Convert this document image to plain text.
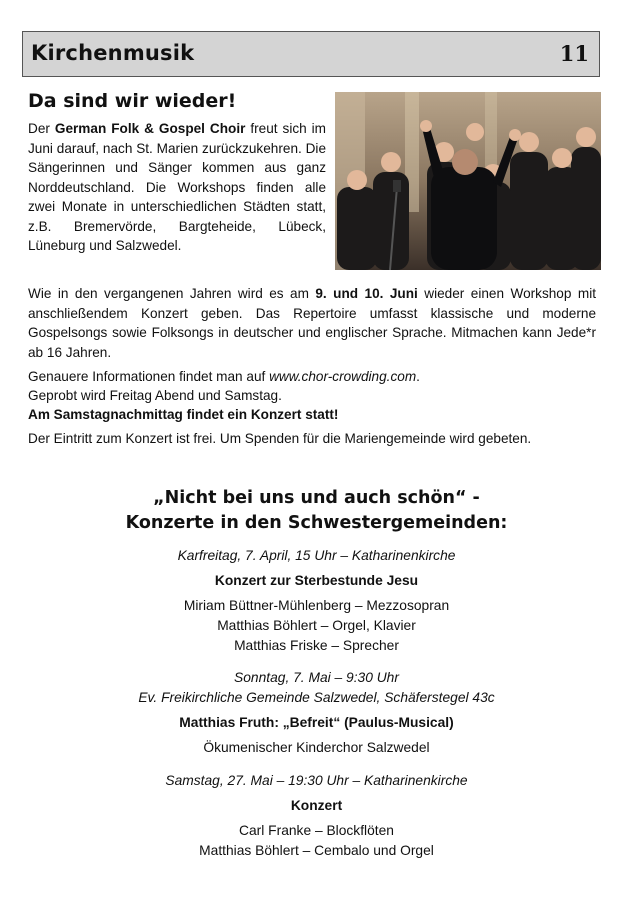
Kirchenmusik	11
Da sind wir wieder!

Der German Folk & Gospel Choir freut sich im Juni darauf, nach St. Marien zurückzukehren. Die Sängerinnen und Sänger kommen aus ganz Norddeutschland. Die Workshops finden alle zwei Monate in unterschiedlichen Städten statt, z.B. Bremervörde, Bargteheide, Lübeck, Lüneburg und Salzwedel.

Wie in den vergangenen Jahren wird es am 9. und 10. Juni wieder einen Workshop mit anschließendem Konzert geben. Das Repertoire umfasst klassische und moderne Gospelsongs sowie Folksongs in deutscher und englischer Sprache. Mitmachen kann Jede*r ab 16 Jahren.

Genauere Informationen findet man auf www.chor-crowding.com.
Geprobt wird Freitag Abend und Samstag.
Am Samstagnachmittag findet ein Konzert statt!
Der Eintritt zum Konzert ist frei. Um Spenden für die Mariengemeinde wird gebeten.
„Nicht bei uns und auch schön“ -
Konzerte in den Schwestergemeinden:
Karfreitag, 7. April, 15 Uhr – Katharinenkirche
Konzert zur Sterbestunde Jesu
Miriam Büttner-Mühlenberg – Mezzosopran
Matthias Böhlert – Orgel, Klavier
Matthias Friske – Sprecher
Sonntag, 7. Mai – 9:30 Uhr
Ev. Freikirchliche Gemeinde Salzwedel, Schäferstegel 43c
Matthias Fruth: „Befreit“ (Paulus-Musical)
Ökumenischer Kinderchor Salzwedel
Samstag, 27. Mai – 19:30 Uhr – Katharinenkirche
Konzert
Carl Franke – Blockflöten
Matthias Böhlert – Cembalo und Orgel
